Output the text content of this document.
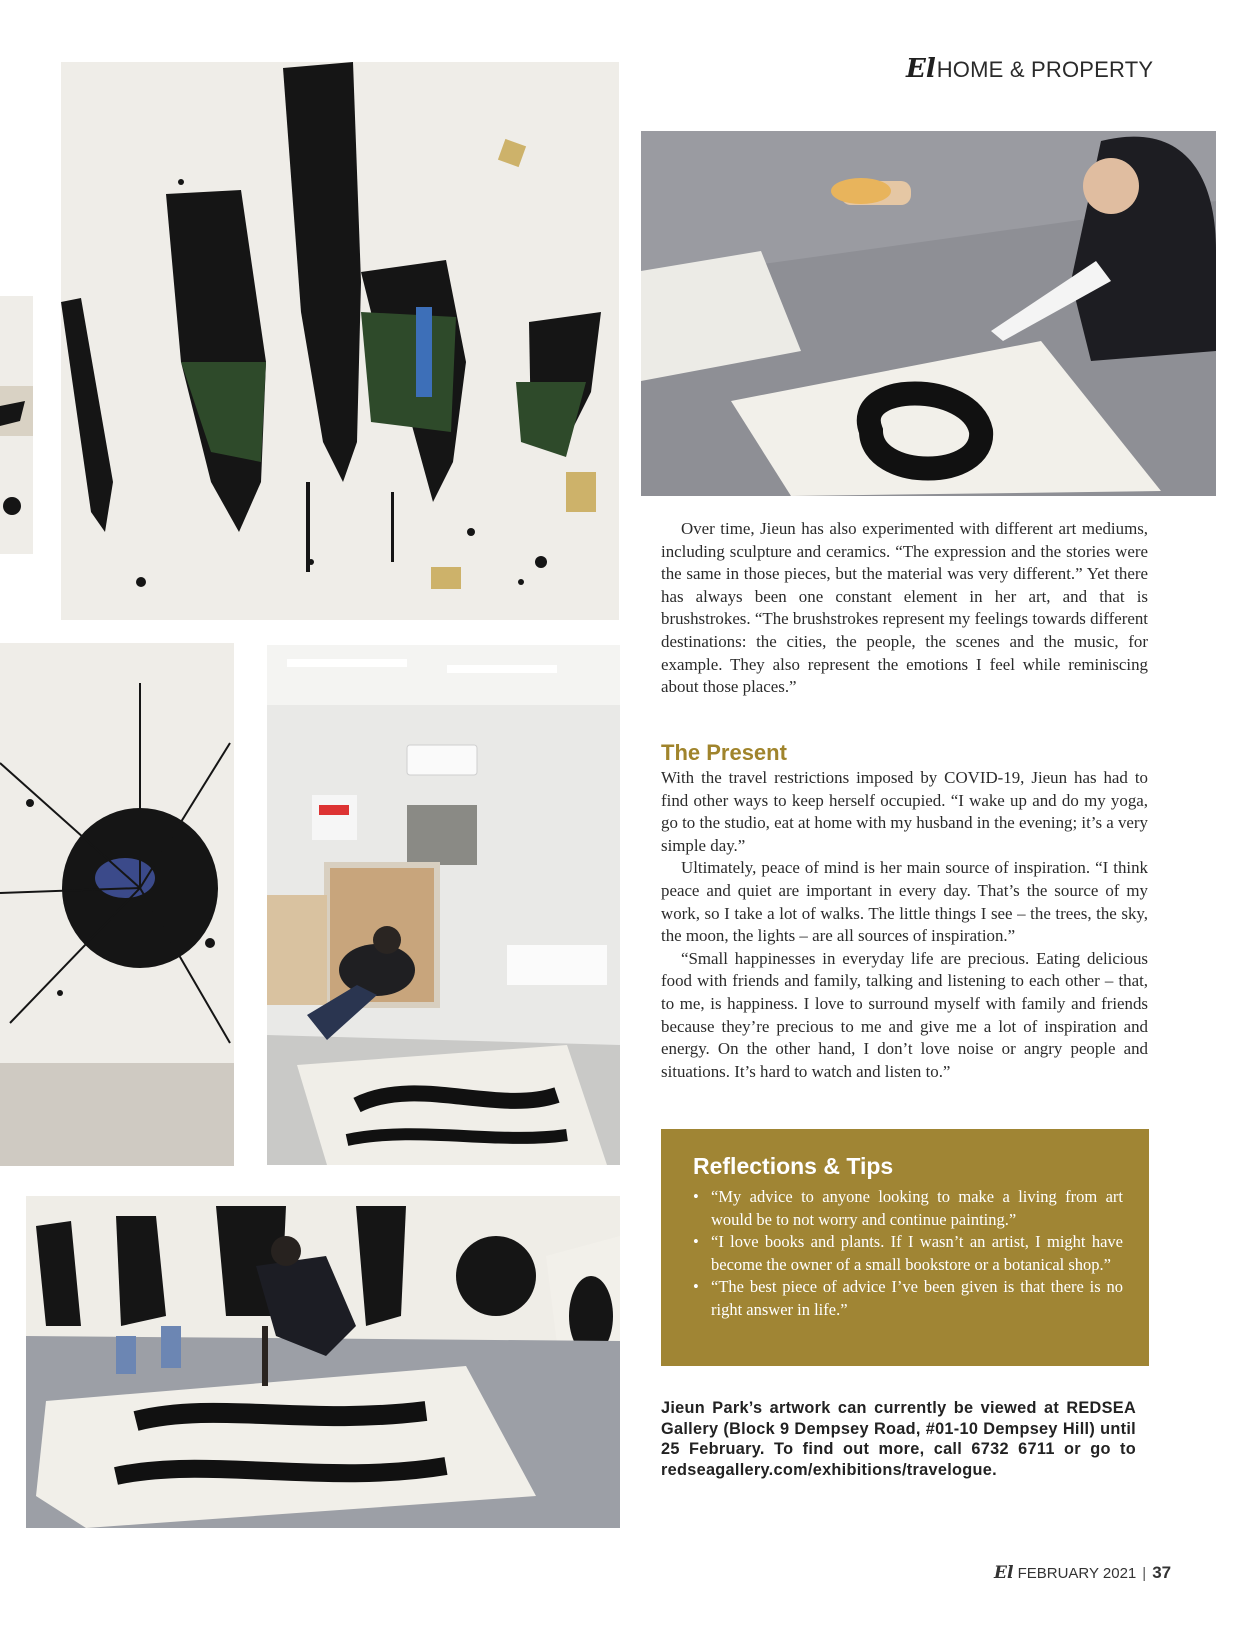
ElHOME & PROPERTY

Over time, Jieun has also experimented with different art mediums, including sculpture and ceramics. “The expression and the stories were the same in those pieces, but the material was very different.” Yet there has always been one constant element in her art, and that is brushstrokes. “The brushstrokes represent my feelings towards different destinations: the cities, the people, the scenes and the music, for example. They also represent the emotions I feel while reminiscing about those places.”

The Present

With the travel restrictions imposed by COVID-19, Jieun has had to find other ways to keep herself occupied. “I wake up and do my yoga, go to the studio, eat at home with my husband in the evening; it’s a very simple day.”

Ultimately, peace of mind is her main source of inspiration. “I think peace and quiet are important in every day. That’s the source of my work, so I take a lot of walks. The little things I see – the trees, the sky, the moon, the lights – are all sources of inspiration.”

“Small happinesses in everyday life are precious. Eating delicious food with friends and family, talking and listening to each other – that, to me, is happiness. I love to surround myself with family and friends because they’re precious to me and give me a lot of inspiration and energy. On the other hand, I don’t love noise or angry people and situations. It’s hard to watch and listen to.”

Reflections & Tips
• “My advice to anyone looking to make a living from art would be to not worry and continue painting.”
• “I love books and plants. If I wasn’t an artist, I might have become the owner of a small bookstore or a botanical shop.”
• “The best piece of advice I’ve been given is that there is no right answer in life.”
Jieun Park’s artwork can currently be viewed at REDSEA Gallery (Block 9 Dempsey Road, #01-10 Dempsey Hill) until 25 February. To find out more, call 6732 6711 or go to redseagallery.com/exhibitions/travelogue.
El FEBRUARY 2021 | 37
